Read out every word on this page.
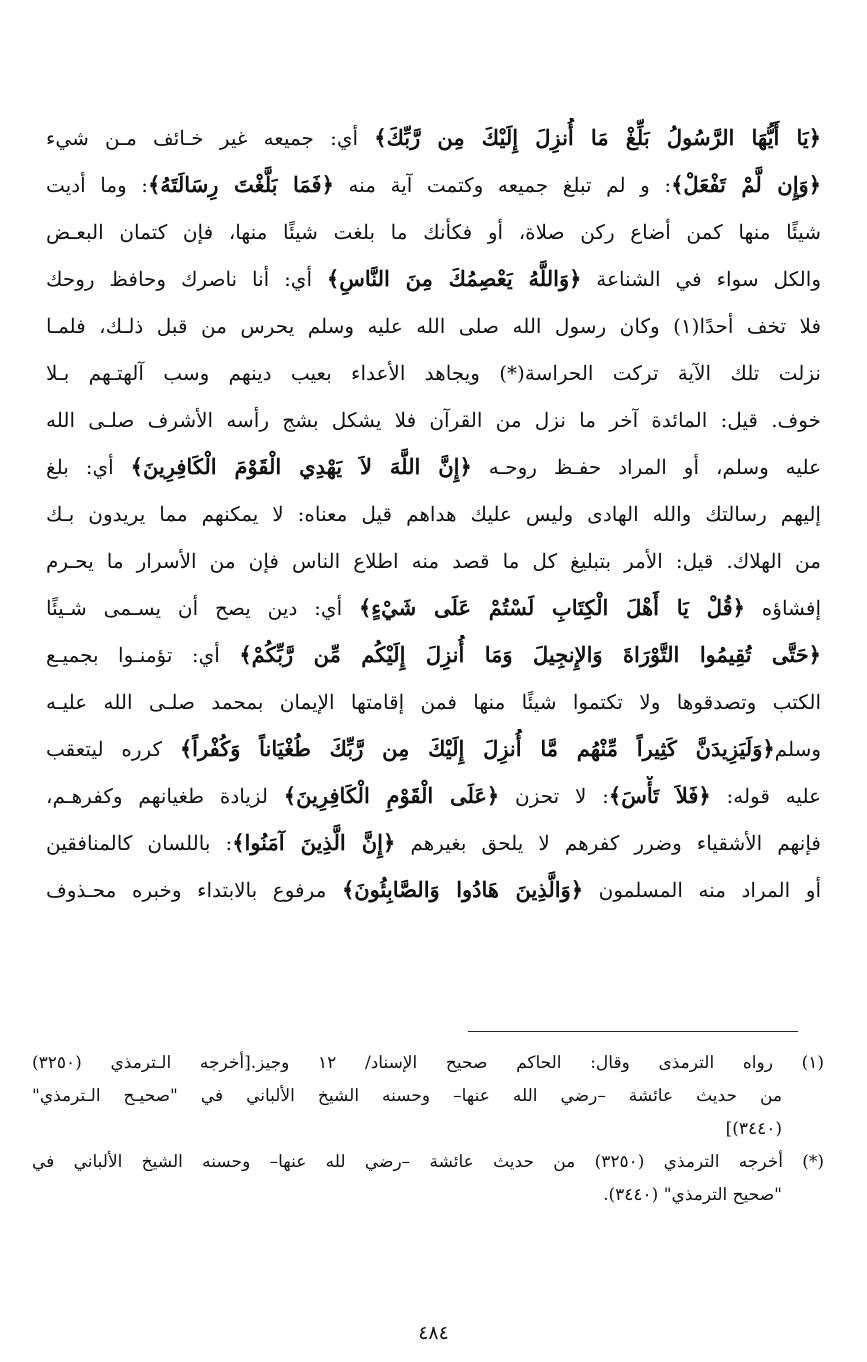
﴿يَا أَيُّهَا الرَّسُولُ بَلِّغْ مَا أُنزِلَ إِلَيْكَ مِن رَّبِّكَ﴾ أي: جميعه غير خـائف مـن شيء
﴿وَإِن لَّمْ تَفْعَلْ﴾: و لم تبلغ جميعه وكتمت آية منه ﴿فَمَا بَلَّغْتَ رِسَالَتَهُ﴾: وما أديت
شيئًا منها كمن أضاع ركن صلاة، أو فكأنك ما بلغت شيئًا منها، فإن كتمان البعـض
والكل سواء في الشناعة ﴿وَاللَّهُ يَعْصِمُكَ مِنَ النَّاسِ﴾ أي: أنا ناصرك وحافظ روحك
فلا تخف أحدًا(١) وكان رسول الله صلى الله عليه وسلم يحرس من قبل ذلـك، فلمـا
نزلت تلك الآية تركت الحراسة(*) ويجاهد الأعداء بعيب دينهم وسب آلهتـهم بـلا
خوف. قيل: المائدة آخر ما نزل من القرآن فلا يشكل بشج رأسه الأشرف صلـى الله
عليه وسلم، أو المراد حفـظ روحـه ﴿إِنَّ اللَّهَ لاَ يَهْدِي الْقَوْمَ الْكَافِرِينَ﴾ أي: بلغ
إليهم رسالتك والله الهادى وليس عليك هداهم قيل معناه: لا يمكنهم مما يريدون بـك
من الهلاك. قيل: الأمر بتبليغ كل ما قصد منه اطلاع الناس فإن من الأسرار ما يحـرم
إفشاؤه ﴿قُلْ يَا أَهْلَ الْكِتَابِ لَسْتُمْ عَلَى شَيْءٍ﴾ أي: دين يصح أن يسـمى شـيئًا
﴿حَتَّى تُقِيمُوا التَّوْرَاةَ وَالإِنجِيلَ وَمَا أُنزِلَ إِلَيْكُم مِّن رَّبِّكُمْ﴾ أي: تؤمنـوا بجميـع
الكتب وتصدقوها ولا تكتموا شيئًا منها فمن إقامتها الإيمان بمحمد صلـى الله عليـه
وسلم﴿وَلَيَزِيدَنَّ كَثِيراً مِّنْهُم مَّا أُنزِلَ إِلَيْكَ مِن رَّبِّكَ طُغْيَاناً وَكُفْراً﴾ كرره ليتعقب
عليه قوله: ﴿فَلاَ تَأْسَ﴾: لا تحزن ﴿عَلَى الْقَوْمِ الْكَافِرِينَ﴾ لزيادة طغيانهم وكفرهـم،
فإنهم الأشقياء وضرر كفرهم لا يلحق بغيرهم ﴿إِنَّ الَّذِينَ آمَنُوا﴾: باللسان كالمنافقين
أو المراد منه المسلمون ﴿وَالَّذِينَ هَادُوا وَالصَّابِئُونَ﴾ مرفوع بالابتداء وخبره محـذوف
(١) رواه الترمذى وقال: الحاكم صحيح الإسناد/ ١٢ وجيز.[أخرجه الـترمذي (٣٢٥٠)
من حديث عائشة –رضي الله عنها– وحسنه الشيخ الألباني في "صحيـح الـترمذي"
(٣٤٤٠)]
(*) أخرجه الترمذي (٣٢٥٠) من حديث عائشة –رضي لله عنها– وحسنه الشيخ الألباني في
"صحيح الترمذي" (٣٤٤٠).
٤٨٤
